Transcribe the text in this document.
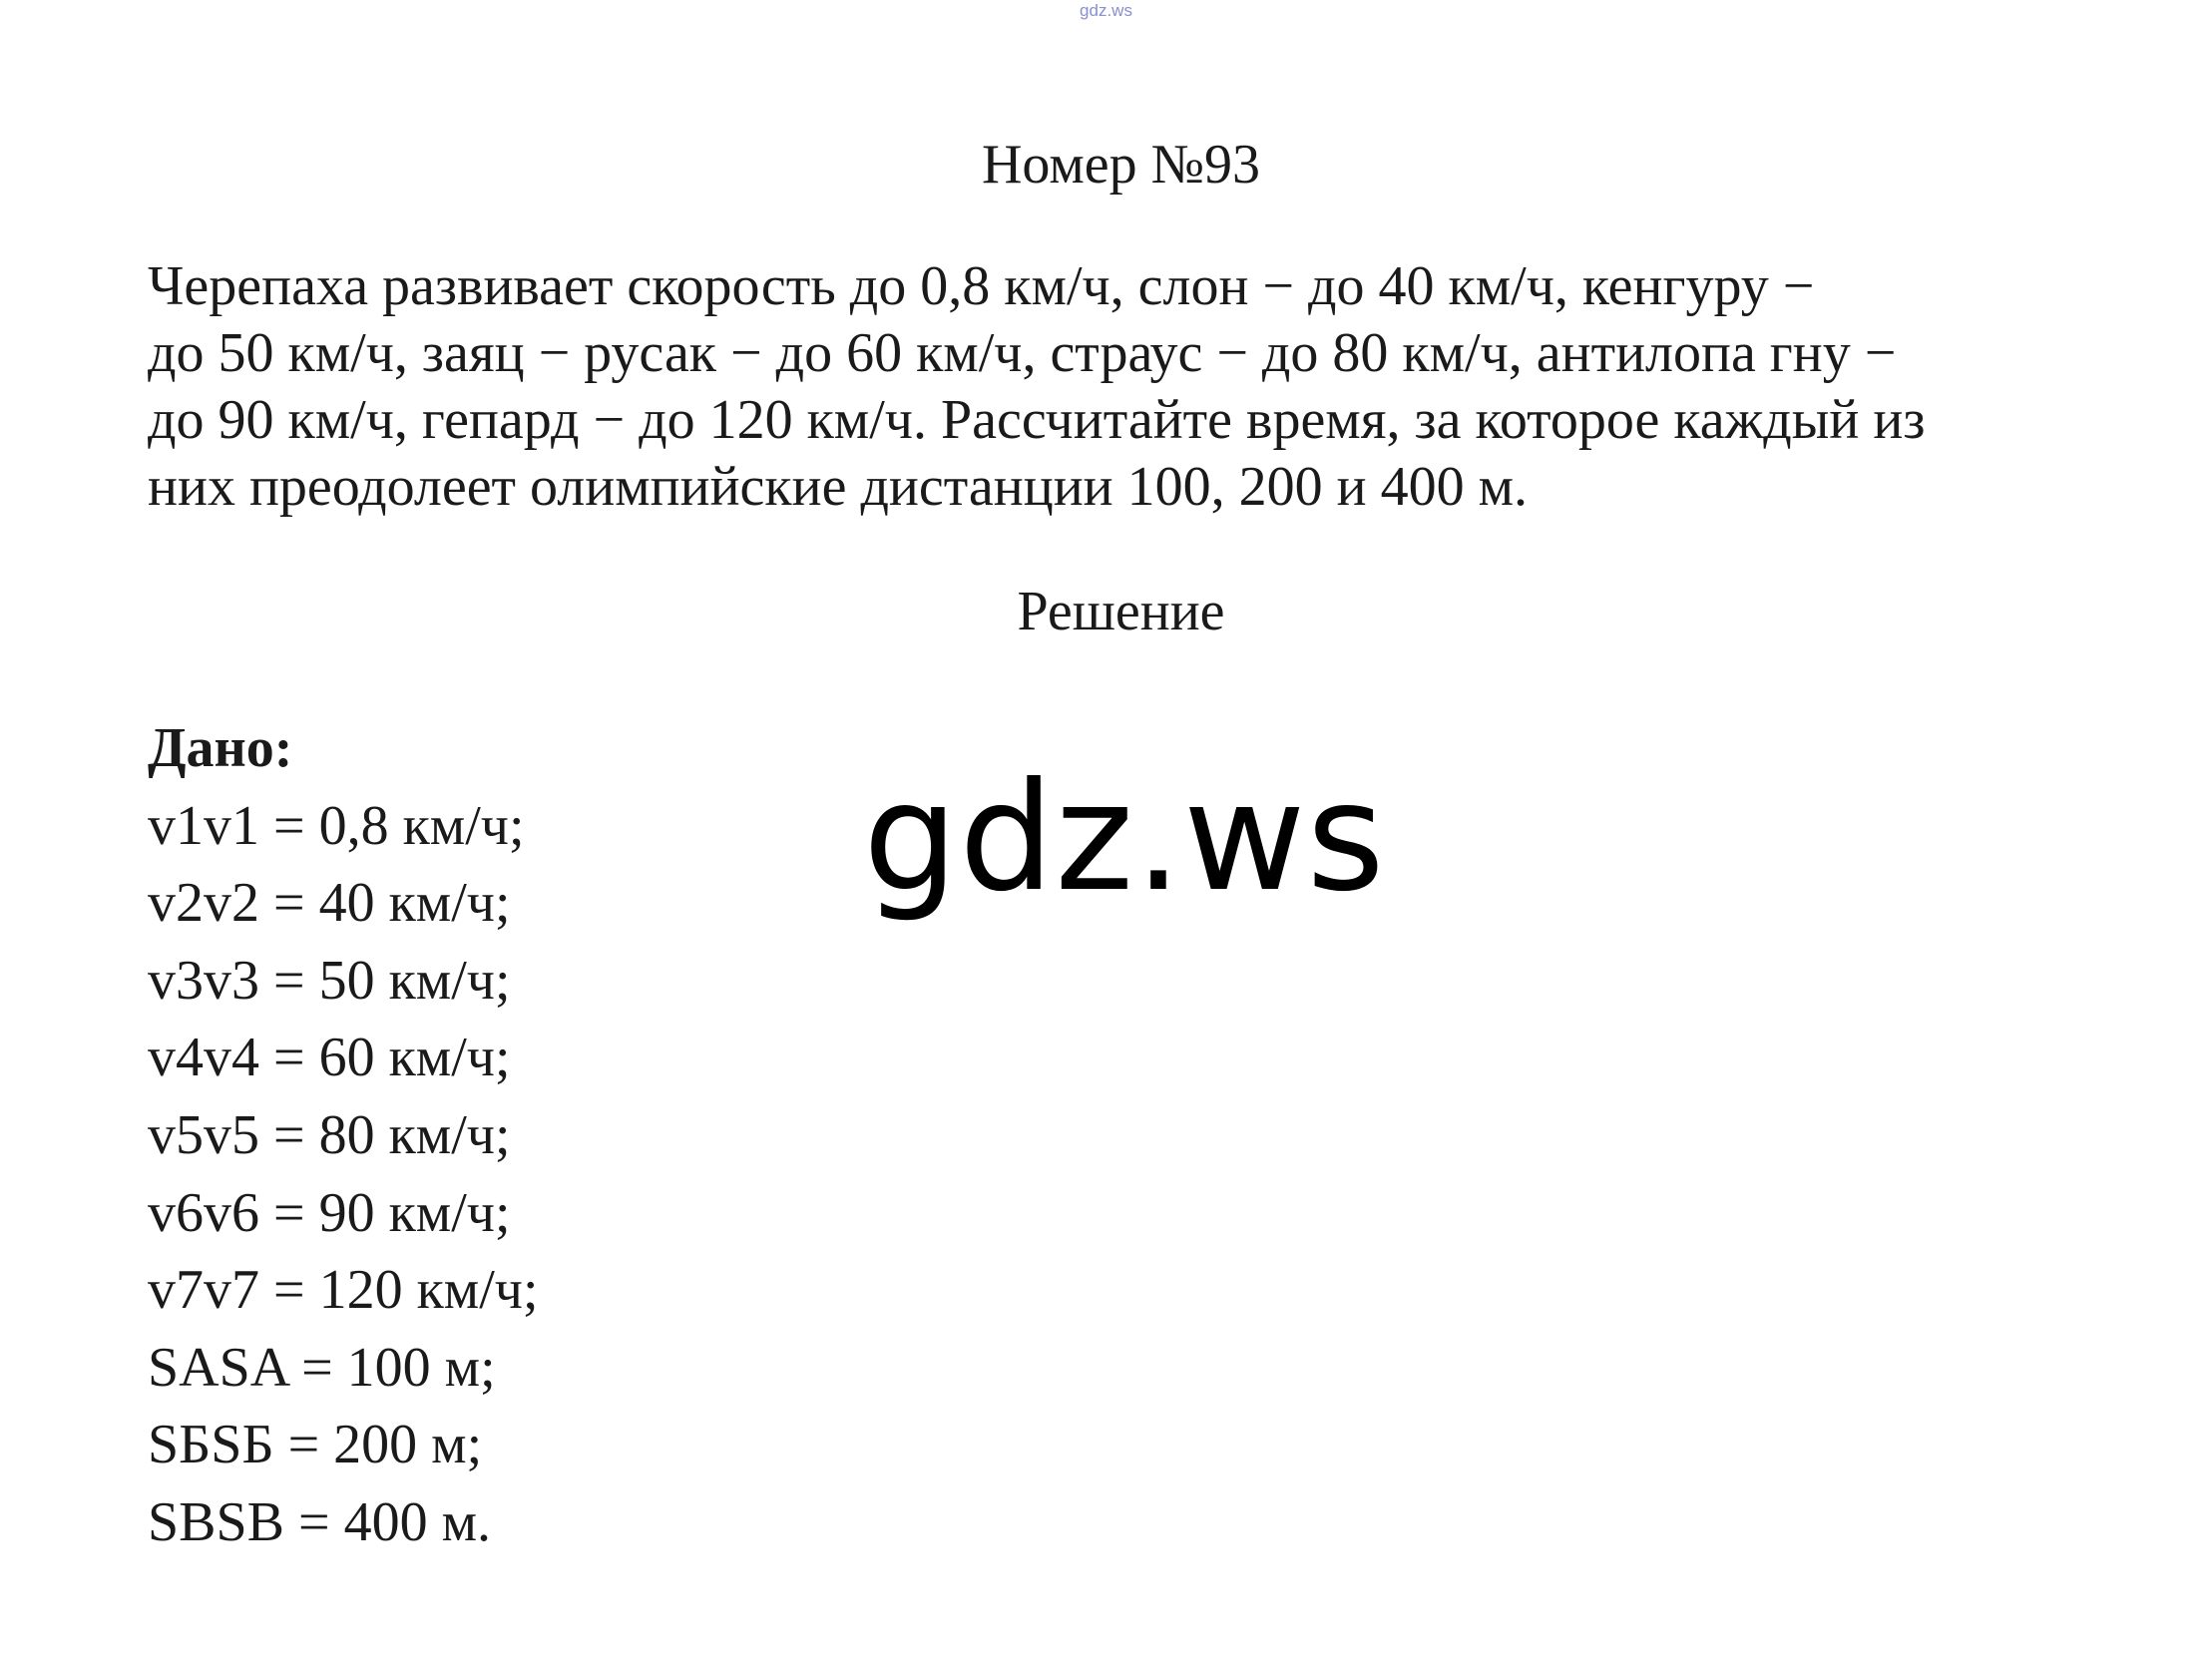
gdz.ws
Номер №93

Черепаха развивает скорость до 0,8 км/ч, слон − до 40 км/ч, кенгуру −

до 50 км/ч, заяц − русак − до 60 км/ч, страус − до 80 км/ч, антилопа гну −

до 90 км/ч, гепард − до 120 км/ч. Рассчитайте время, за которое каждый из

них преодолеет олимпийские дистанции 100, 200 и 400 м.

Решение

Дано:

v1v1 = 0,8 км/ч;
v2v2 = 40 км/ч;
v3v3 = 50 км/ч;
v4v4 = 60 км/ч;
v5v5 = 80 км/ч;
v6v6 = 90 км/ч;
v7v7 = 120 км/ч;
SASA = 100 м;
SБSБ = 200 м;
SBSB = 400 м.
gdz.ws
